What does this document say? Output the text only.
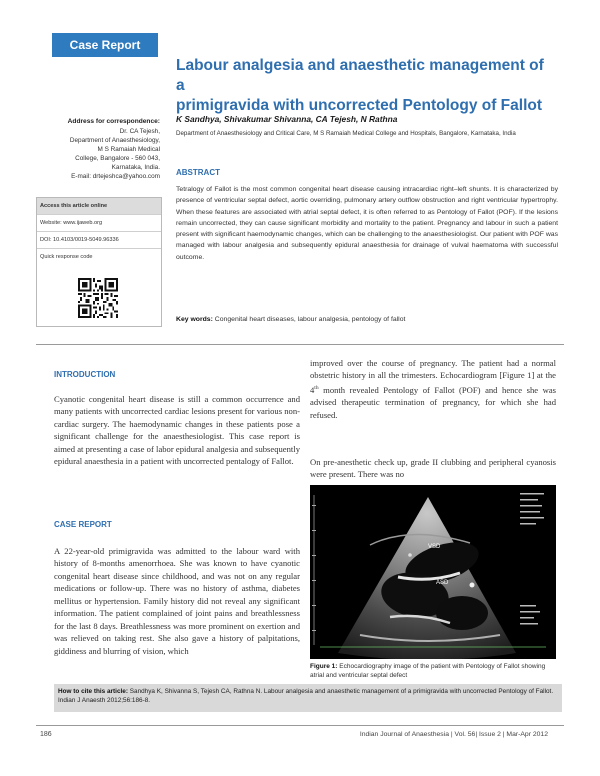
Case Report
Labour analgesia and anaesthetic management of a
primigravida with uncorrected Pentology of Fallot
K Sandhya, Shivakumar Shivanna, CA Tejesh, N Rathna
Department of Anaesthesiology and Critical Care, M S Ramaiah Medical College and Hospitals, Bangalore, Karnataka, India
Address for correspondence:
Dr. CA Tejesh,
Department of Anaesthesiology,
M S Ramaiah Medical
College, Bangalore - 560 043,
Karnataka, India.
E-mail: drtejeshсa@yahoo.com
Access this article online
Website: www.ijaweb.org
DOI: 10.4103/0019-5049.96336
Quick response code
ABSTRACT
Tetralogy of Fallot is the most common congenital heart disease causing intracardiac right–left shunts. It is characterized by presence of ventricular septal defect, aortic overriding, pulmonary artery outflow obstruction and right ventricular hypertrophy. When these features are associated with atrial septal defect, it is often referred to as Pentology of Fallot (POF). If the lesions remain uncorrected, they can cause significant morbidity and mortality to the patient. Pregnancy and labour in such a patient present with significant haemodynamic changes, which can be challenging to the anaesthesiologist. Our patient with POF was managed with labour analgesia and subsequently epidural anaesthesia for drainage of vulval haematoma with successful outcome.
Key words: Congenital heart diseases, labour analgesia, pentology of fallot
INTRODUCTION
Cyanotic congenital heart disease is still a common occurrence and many patients with uncorrected cardiac lesions present for various non-cardiac surgery. The haemodynamic changes in these patients pose a significant challenge for the anaesthesiologist. This case report is aimed at presenting a case of labor epidural analgesia and subsequently epidural anaesthesia in a patient with uncorrected pentalogy of Fallot.
CASE REPORT
A 22-year-old primigravida was admitted to the labour ward with history of 8-months amenorrhoea. She was known to have cyanotic congenital heart disease since childhood, and was not on any regular medications or follow-up. There was no history of asthma, diabetes mellitus or hypertension. Family history did not reveal any significant information. The patient complained of joint pains and breathlessness for the last 8 days. Breathlessness was more prominent on exertion and was relieved on taking rest. She also gave a history of palpitations, giddiness and blurring of vision, which
improved over the course of pregnancy. The patient had a normal obstetric history in all the trimesters. Echocardiogram [Figure 1] at the 4th month revealed Pentology of Fallot (POF) and hence she was advised therapeutic termination of pregnancy, for which she had refused.
On pre-anesthetic check up, grade II clubbing and peripheral cyanosis were present. There was no
VSD
ASD
Figure 1: Echocardiography image of the patient with Pentology of Fallot showing atrial and ventricular septal defect
How to cite this article: Sandhya K, Shivanna S, Tejesh CA, Rathna N. Labour analgesia and anaesthetic management of a primigravida with uncorrected Pentology of Fallot. Indian J Anaesth 2012;56:186-8.
186	Indian Journal of Anaesthesia | Vol. 56| Issue 2 | Mar-Apr 2012
